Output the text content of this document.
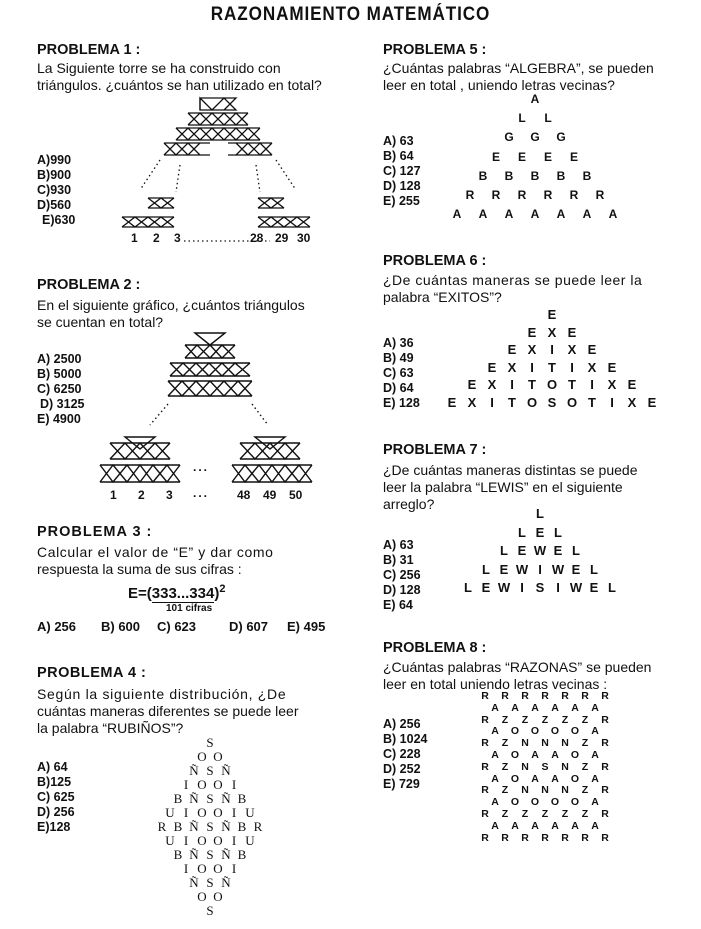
RAZONAMIENTO MATEMÁTICO
PROBLEMA 1 :
La Siguiente torre se ha construido con
triángulos. ¿cuántos se han utilizado en total?
A)990
B)900
C)930
D)560
E)630
1 2 3	28 29 30
PROBLEMA 2 :
En el siguiente gráfico, ¿cuántos triángulos
se cuentan en total?
A) 2500
B) 5000
C) 6250
D) 3125
E) 4900
...
...
1 2 3	48 49 50
PROBLEMA 3 :
Calcular el valor de “E” y dar como
respuesta la suma de sus cifras :
$E=(333...334)^2$
101 cifras
A) 256 B) 600 C) 623	D) 607 E) 495
PROBLEMA 4 :
Según la siguiente distribución, ¿De
cuántas maneras diferentes se puede leer
la palabra “RUBIÑOS”?
A) 64
B)125
C) 625
D) 256
E)128
S
O O
Ñ S Ñ
I O O I
B Ñ S Ñ B
U I O O I U
R B Ñ S Ñ B R
U I O O I U
B Ñ S Ñ B
I O O I
Ñ S Ñ
O O
S
PROBLEMA 5 :
¿Cuántas palabras “ALGEBRA”, se pueden
leer en total , uniendo letras vecinas?
A) 63
B) 64
C) 127
D) 128
E) 255
A
L	L
G	G	G
E	E	E	E
B	B	B	B	B
R	R	R	R	R	R
A	A	A	A	A	A	A
PROBLEMA 6 :
¿De cuántas maneras se puede leer la
palabra “EXITOS”?
A) 36
B) 49
C) 63
D) 64
E) 128
E
E X E
E X	I	X E
E X	I	T	I	X E
E X	I	T O T	I	X E
E X	I	T O S O T	I	X E
PROBLEMA 7 :
¿De cuántas maneras distintas se puede
leer la palabra “LEWIS” en el siguiente
arreglo?
A) 63
B) 31
C) 256
D) 128
E) 64
L
L E L
L E W E L
L E W I W E L
L E W I S I W E L
PROBLEMA 8 :
¿Cuántas palabras “RAZONAS” se pueden
leer en total uniendo letras vecinas :
A) 256
B) 1024
C) 228
D) 252
E) 729
R	R	R	R	R	R	R
A	A	A	A	A	A
R	Z	Z	Z	Z	Z	R
A	O	O	O	O	A
R	Z	N	N	N	Z	R
A	O	A	A	O	A
R	Z	N	S	N	Z	R
A	O	A	A	O	A
R	Z	N	N	N	Z	R
A	O	O	O	O	A
R	Z	Z	Z	Z	Z	R
A	A	A	A	A	A
R	R	R	R	R	R	R
